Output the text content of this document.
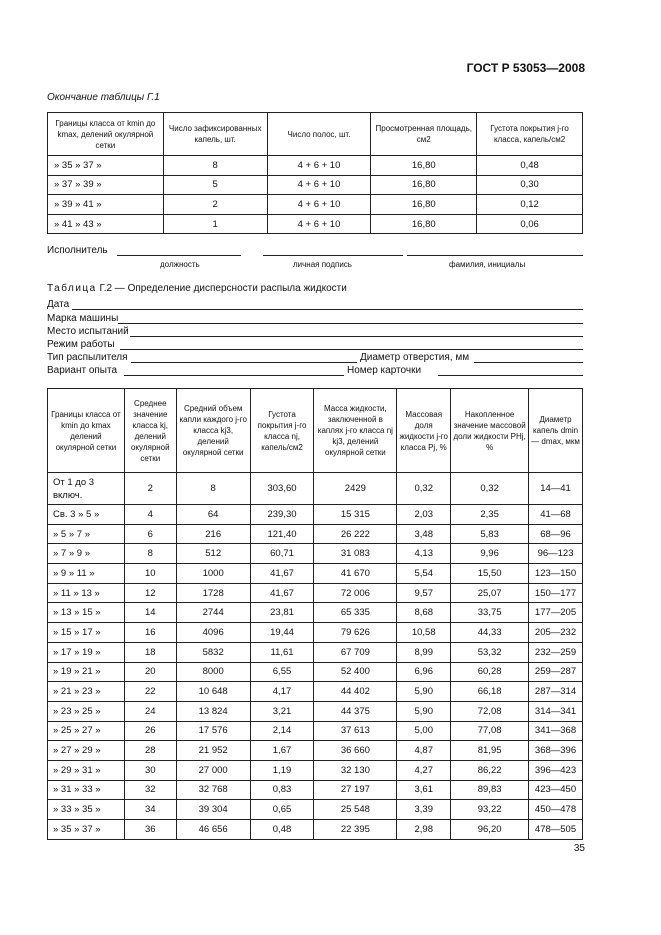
ГОСТ Р 53053—2008
Окончание таблицы Г.1
Границы класса от kmin до kmax, делений окулярной сетки	Число зафиксированных капель, шт.	Число полос, шт.	Просмотренная площадь, см2	Густота покрытия j-го класса, капель/см2
» 35 » 37 »	8	4 + 6 + 10	16,80	0,48
» 37 » 39 »	5	4 + 6 + 10	16,80	0,30
» 39 » 41 »	2	4 + 6 + 10	16,80	0,12
» 41 » 43 »	1	4 + 6 + 10	16,80	0,06
Исполнитель
должность	личная подпись	фамилия, инициалы
Таблица Г.2 — Определение дисперсности распыла жидкости
Дата
Марка машины
Место испытаний
Режим работы
Тип распылителя	Диаметр отверстия, мм
Вариант опыта	Номер карточки
Границы класса от kmin до kmax делений окулярной сетки	Среднее значение класса kj, делений окулярной сетки	Средний объем капли каждого j-го класса kj3, делений окулярной сетки	Густота покрытия j-го класса nj, капель/см2	Масса жидкости, заключенной в каплях j-го класса nj kj3, делений окулярной сетки	Массовая доля жидкости j-го класса Pj, %	Накопленное значение массовой доли жидкости PHj, %	Диаметр капель dmin — dmax, мкм
От 1 до 3 включ.	2	8	303,60	2429	0,32	0,32	14—41
Св. 3 » 5 »	4	64	239,30	15 315	2,03	2,35	41—68
» 5 » 7 »	6	216	121,40	26 222	3,48	5,83	68—96
» 7 » 9 »	8	512	60,71	31 083	4,13	9,96	96—123
» 9 » 11 »	10	1000	41,67	41 670	5,54	15,50	123—150
» 11 » 13 »	12	1728	41,67	72 006	9,57	25,07	150—177
» 13 » 15 »	14	2744	23,81	65 335	8,68	33,75	177—205
» 15 » 17 »	16	4096	19,44	79 626	10,58	44,33	205—232
» 17 » 19 »	18	5832	11,61	67 709	8,99	53,32	232—259
» 19 » 21 »	20	8000	6,55	52 400	6,96	60,28	259—287
» 21 » 23 »	22	10 648	4,17	44 402	5,90	66,18	287—314
» 23 » 25 »	24	13 824	3,21	44 375	5,90	72,08	314—341
» 25 » 27 »	26	17 576	2,14	37 613	5,00	77,08	341—368
» 27 » 29 »	28	21 952	1,67	36 660	4,87	81,95	368—396
» 29 » 31 »	30	27 000	1,19	32 130	4,27	86,22	396—423
» 31 » 33 »	32	32 768	0,83	27 197	3,61	89,83	423—450
» 33 » 35 »	34	39 304	0,65	25 548	3,39	93,22	450—478
» 35 » 37 »	36	46 656	0,48	22 395	2,98	96,20	478—505
35
